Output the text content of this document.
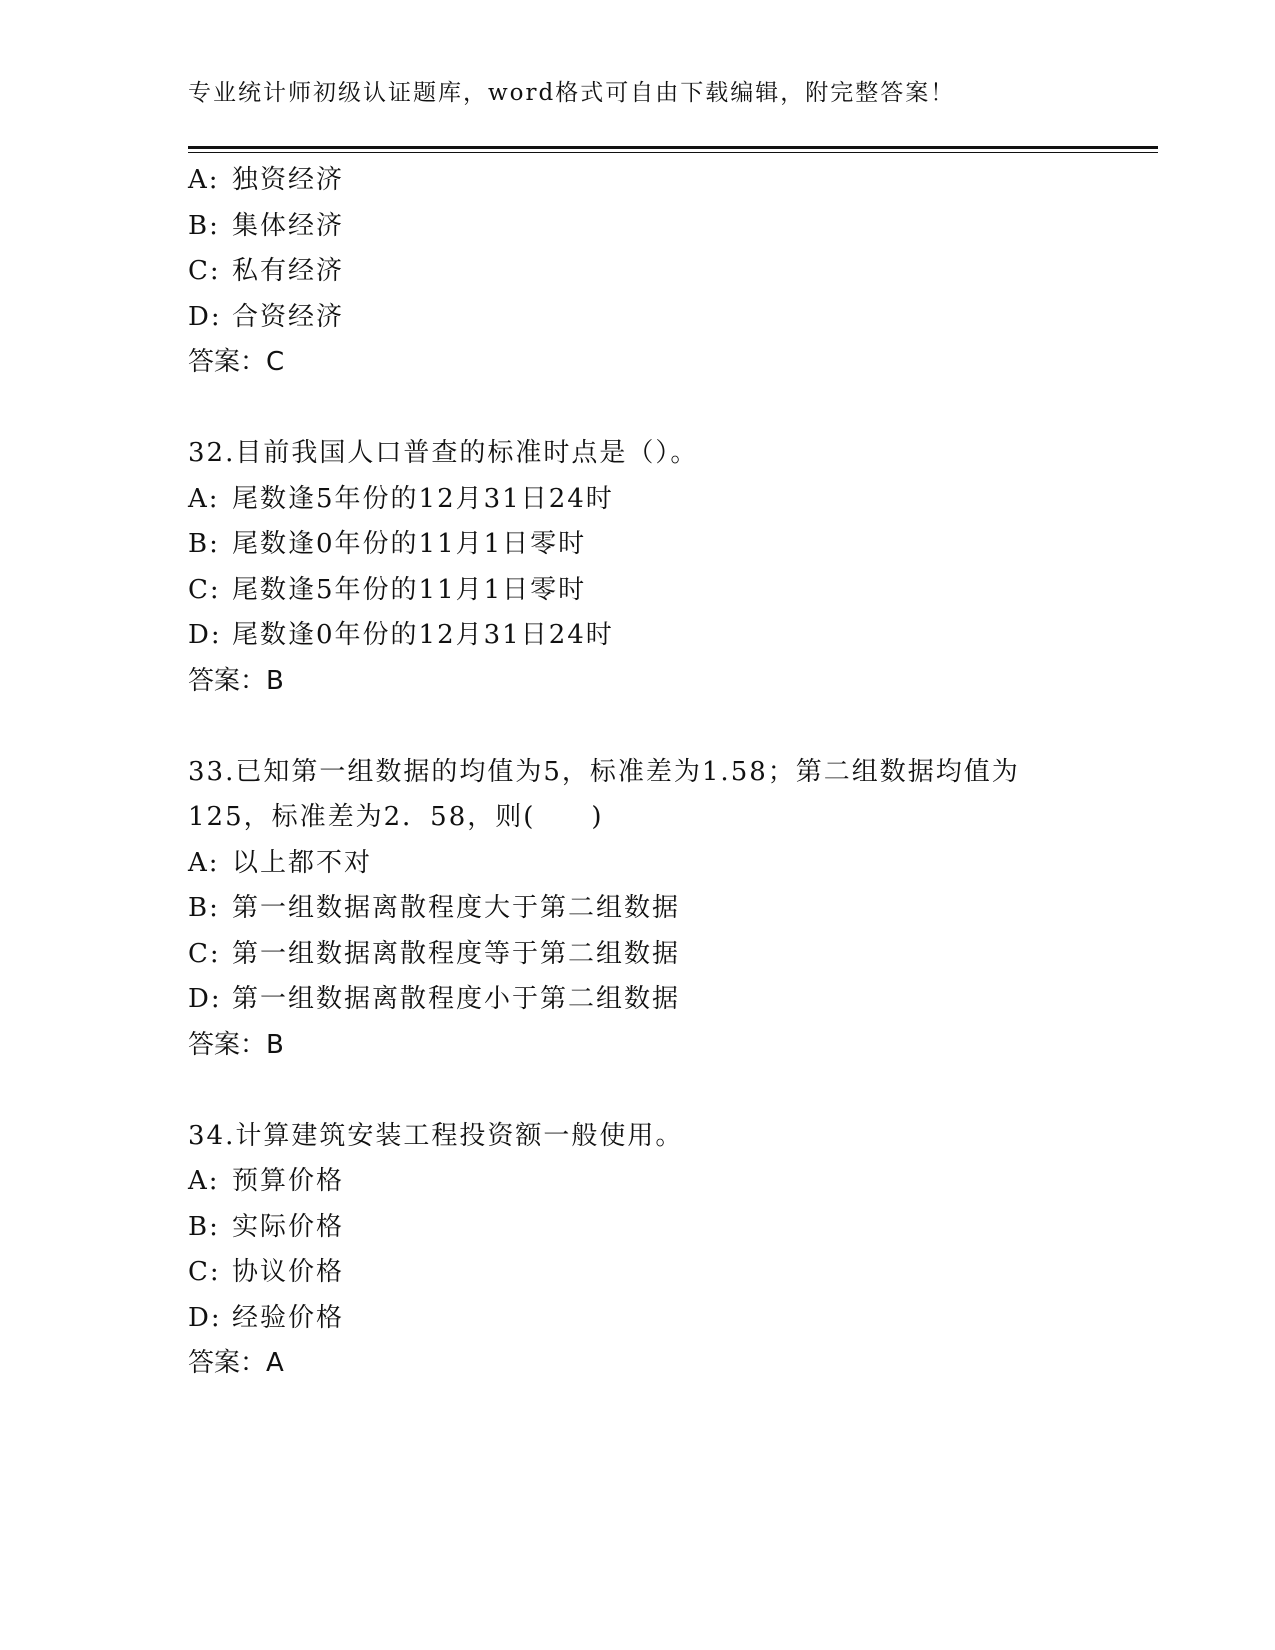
专业统计师初级认证题库，word格式可自由下载编辑，附完整答案！
A: 独资经济
B: 集体经济
C: 私有经济
D: 合资经济
答案：C
32.目前我国人口普查的标准时点是（）。
A: 尾数逢5年份的12月31日24时
B: 尾数逢0年份的11月1日零时
C: 尾数逢5年份的11月1日零时
D: 尾数逢0年份的12月31日24时
答案：B
33.已知第一组数据的均值为5，标准差为1.58；第二组数据均值为
125，标准差为2．58，则(　　)
A: 以上都不对
B: 第一组数据离散程度大于第二组数据
C: 第一组数据离散程度等于第二组数据
D: 第一组数据离散程度小于第二组数据
答案：B
34.计算建筑安装工程投资额一般使用。
A: 预算价格
B: 实际价格
C: 协议价格
D: 经验价格
答案：A
